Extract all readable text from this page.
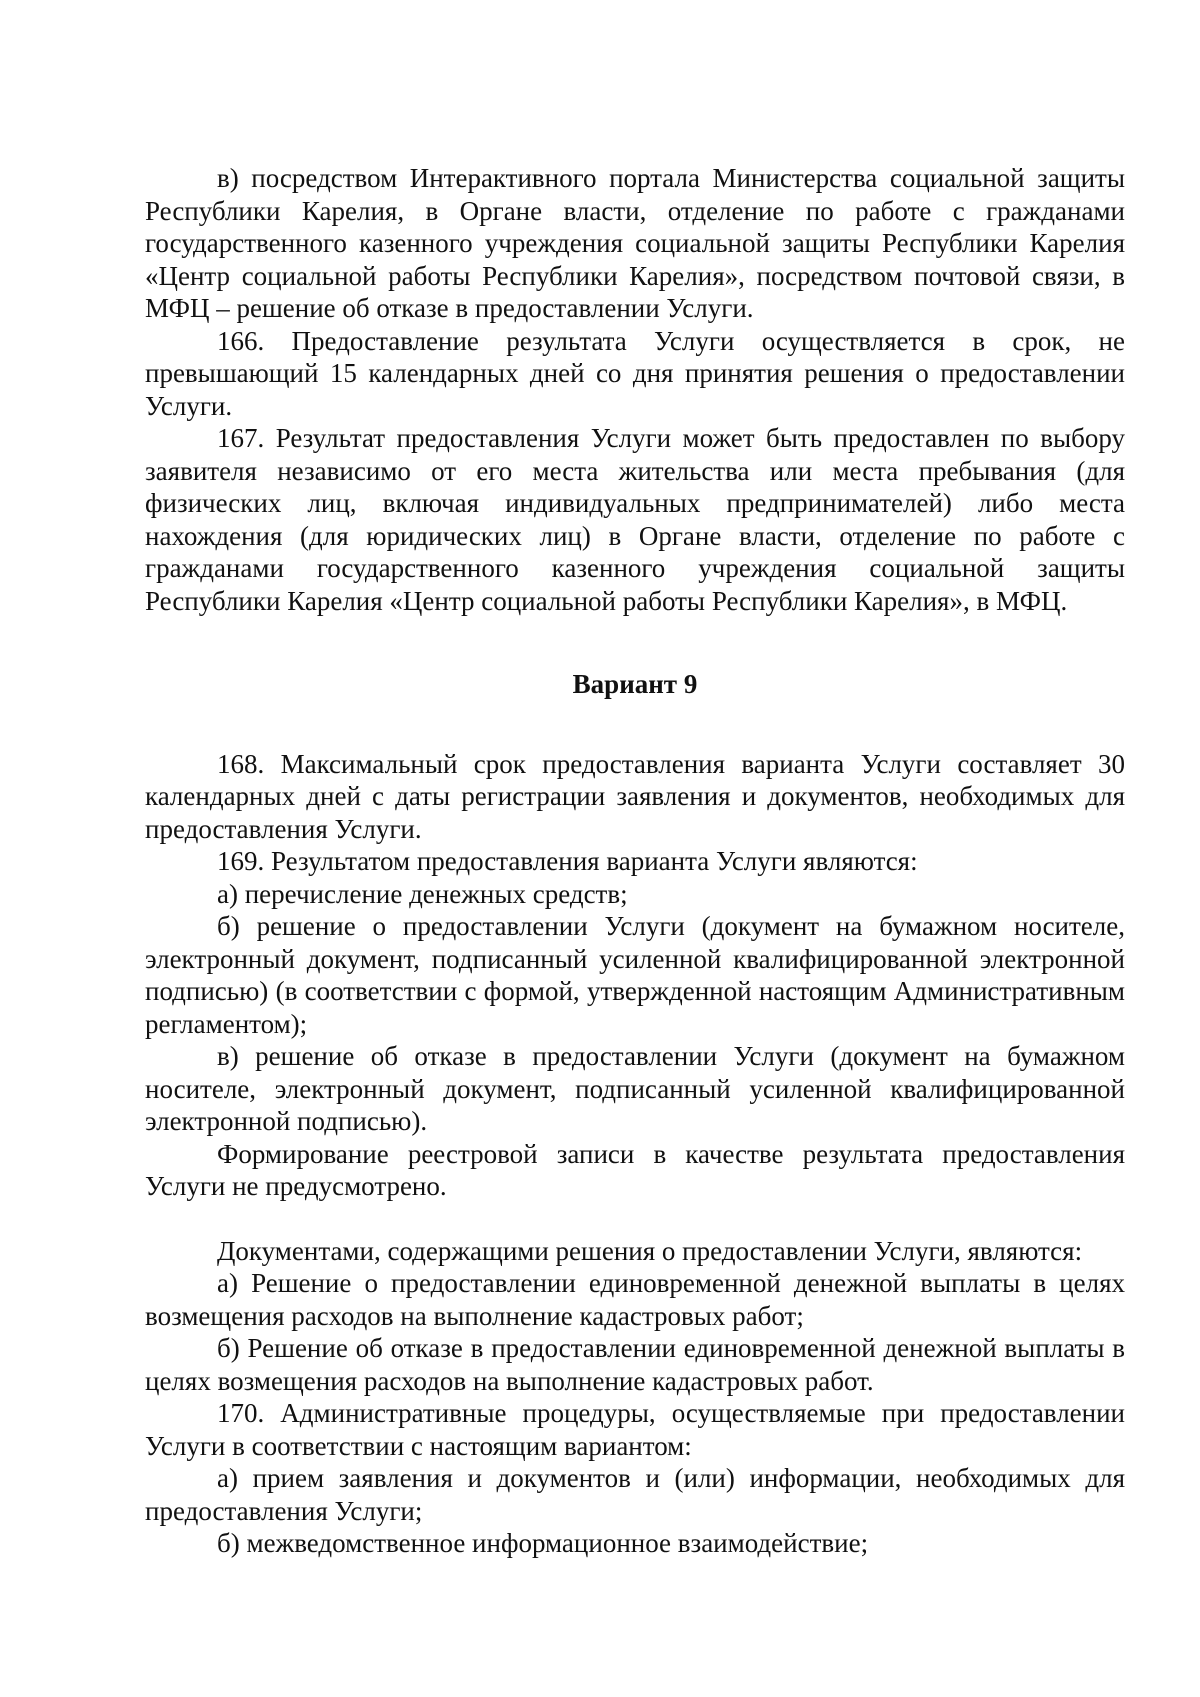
в) посредством Интерактивного портала Министерства социальной защиты Республики Карелия, в Органе власти, отделение по работе с гражданами государственного казенного учреждения социальной защиты Республики Карелия «Центр социальной работы Республики Карелия», посредством почтовой связи, в МФЦ – решение об отказе в предоставлении Услуги.

166. Предоставление результата Услуги осуществляется в срок, не превышающий 15 календарных дней со дня принятия решения о предоставлении Услуги.

167. Результат предоставления Услуги может быть предоставлен по выбору заявителя независимо от его места жительства или места пребывания (для физических лиц, включая индивидуальных предпринимателей) либо места нахождения (для юридических лиц) в Органе власти, отделение по работе с гражданами государственного казенного учреждения социальной защиты Республики Карелия «Центр социальной работы Республики Карелия», в МФЦ.

Вариант 9

168. Максимальный срок предоставления варианта Услуги составляет 30 календарных дней с даты регистрации заявления и документов, необходимых для предоставления Услуги.

169. Результатом предоставления варианта Услуги являются:

а) перечисление денежных средств;

б) решение о предоставлении Услуги (документ на бумажном носителе, электронный документ, подписанный усиленной квалифицированной электронной подписью) (в соответствии с формой, утвержденной настоящим Административным регламентом);

в) решение об отказе в предоставлении Услуги (документ на бумажном носителе, электронный документ, подписанный усиленной квалифицированной электронной подписью).

Формирование реестровой записи в качестве результата предоставления Услуги не предусмотрено.

Документами, содержащими решения о предоставлении Услуги, являются:

а) Решение о предоставлении единовременной денежной выплаты в целях возмещения расходов на выполнение кадастровых работ;

б) Решение об отказе в предоставлении единовременной денежной выплаты в целях возмещения расходов на выполнение кадастровых работ.

170. Административные процедуры, осуществляемые при предоставлении Услуги в соответствии с настоящим вариантом:

а) прием заявления и документов и (или) информации, необходимых для предоставления Услуги;

б) межведомственное информационное взаимодействие;
